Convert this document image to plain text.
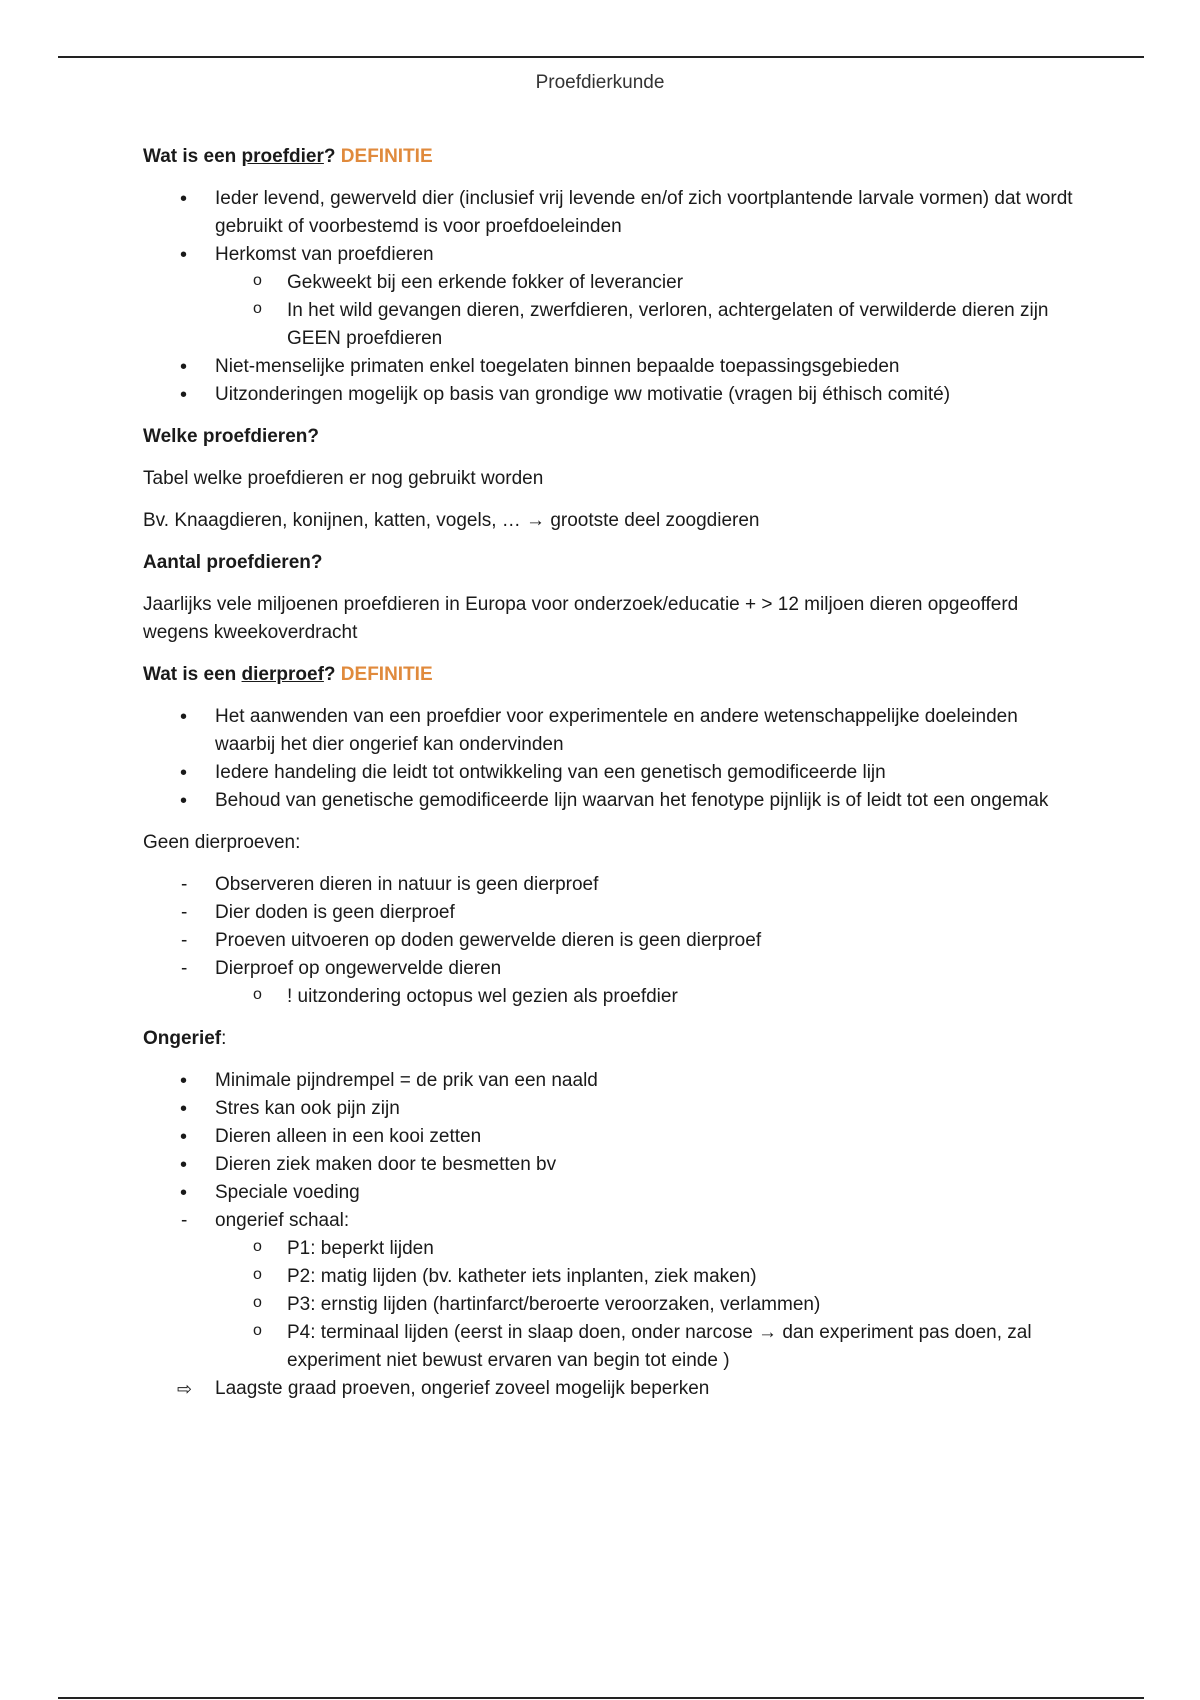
Proefdierkunde
Wat is een proefdier? DEFINITIE
• Ieder levend, gewerveld dier (inclusief vrij levende en/of zich voortplantende larvale vormen) dat wordt gebruikt of voorbestemd is voor proefdoeleinden
• Herkomst van proefdieren
o Gekweekt bij een erkende fokker of leverancier
o In het wild gevangen dieren, zwerfdieren, verloren, achtergelaten of verwilderde dieren zijn GEEN proefdieren
• Niet-menselijke primaten enkel toegelaten binnen bepaalde toepassingsgebieden
• Uitzonderingen mogelijk op basis van grondige ww motivatie (vragen bij éthisch comité)
Welke proefdieren?
Tabel welke proefdieren er nog gebruikt worden
Bv. Knaagdieren, konijnen, katten, vogels, … → grootste deel zoogdieren
Aantal proefdieren?
Jaarlijks vele miljoenen proefdieren in Europa voor onderzoek/educatie + > 12 miljoen dieren opgeofferd wegens kweekoverdracht
Wat is een dierproef? DEFINITIE
• Het aanwenden van een proefdier voor experimentele en andere wetenschappelijke doeleinden waarbij het dier ongerief kan ondervinden
• Iedere handeling die leidt tot ontwikkeling van een genetisch gemodificeerde lijn
• Behoud van genetische gemodificeerde lijn waarvan het fenotype pijnlijk is of leidt tot een ongemak
Geen dierproeven:
- Observeren dieren in natuur is geen dierproef
- Dier doden is geen dierproef
- Proeven uitvoeren op doden gewervelde dieren is geen dierproef
- Dierproef op ongewervelde dieren
o ! uitzondering octopus wel gezien als proefdier
Ongerief:
• Minimale pijndrempel = de prik van een naald
• Stres kan ook pijn zijn
• Dieren alleen in een kooi zetten
• Dieren ziek maken door te besmetten bv
• Speciale voeding
- ongerief schaal:
o P1: beperkt lijden
o P2: matig lijden (bv. katheter iets inplanten, ziek maken)
o P3: ernstig lijden (hartinfarct/beroerte veroorzaken, verlammen)
o P4: terminaal lijden (eerst in slaap doen, onder narcose → dan experiment pas doen, zal experiment niet bewust ervaren van begin tot einde )
⇨ Laagste graad proeven, ongerief zoveel mogelijk beperken
